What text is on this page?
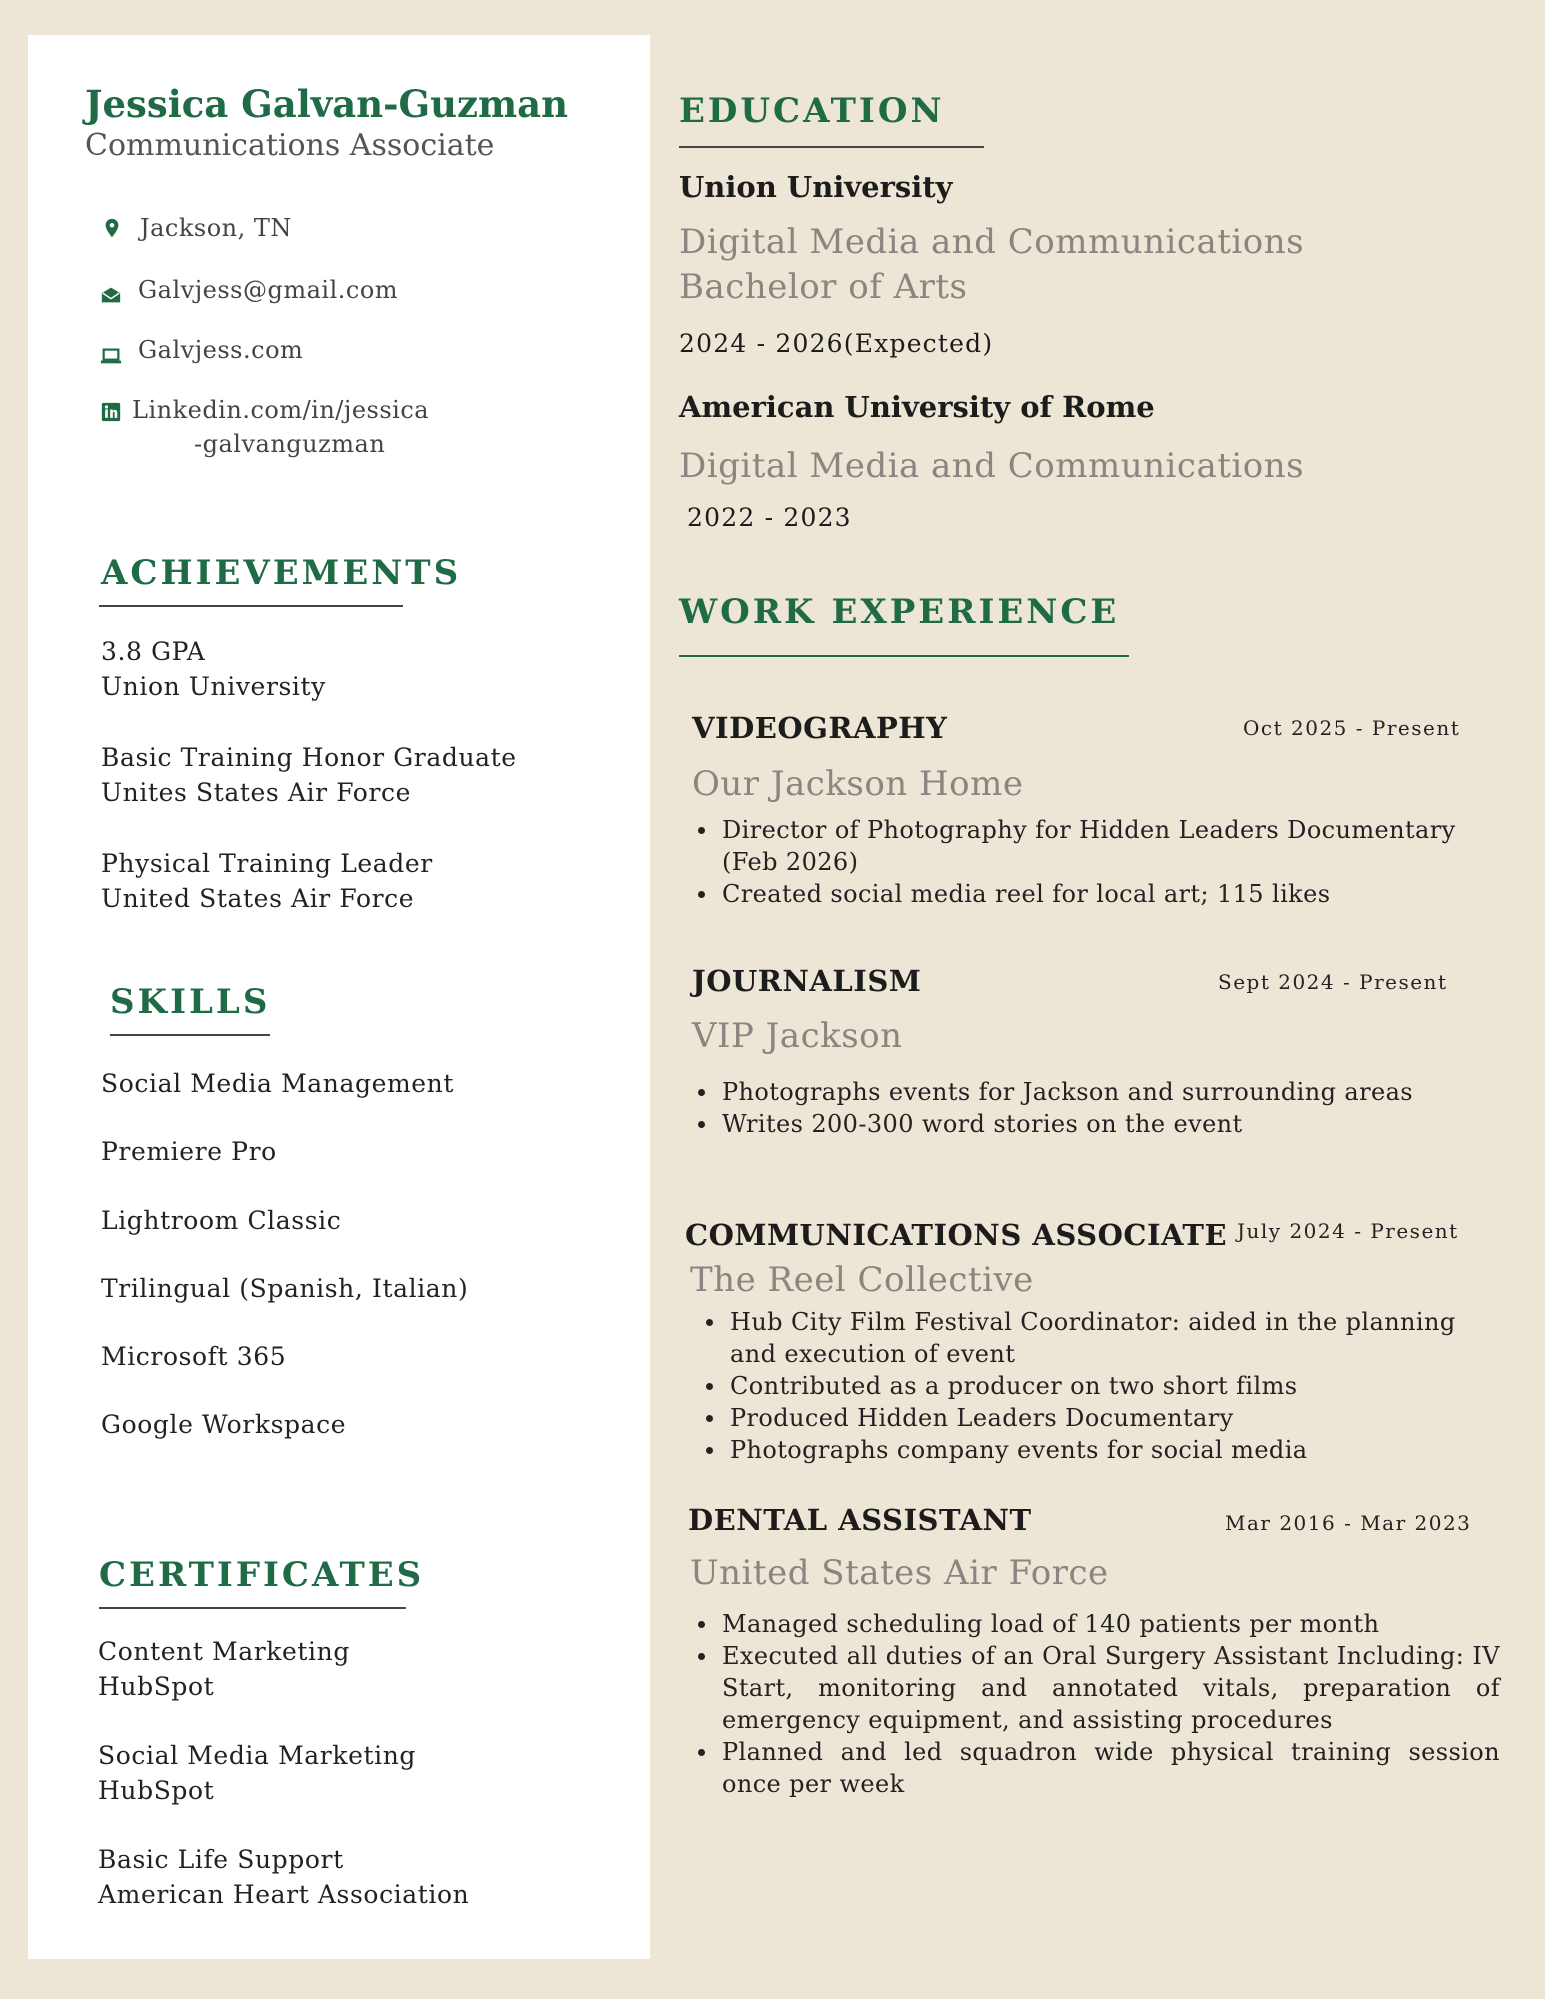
Jessica Galvan-Guzman
Communications Associate
Jackson, TN
Galvjess@gmail.com
Galvjess.com
Linkedin.com/in/jessica
-galvanguzman
ACHIEVEMENTS
3.8 GPA
Union University
Basic Training Honor Graduate
Unites States Air Force
Physical Training Leader
United States Air Force
SKILLS
Social Media Management
Premiere Pro
Lightroom Classic
Trilingual (Spanish, Italian)
Microsoft 365
Google Workspace
CERTIFICATES
Content Marketing
HubSpot
Social Media Marketing
HubSpot
Basic Life Support
American Heart Association
EDUCATION
Union University
Digital Media and Communications
Bachelor of Arts
2024 - 2026(Expected)
American University of Rome
Digital Media and Communications
2022 - 2023
WORK EXPERIENCE
VIDEOGRAPHY	Oct 2025 - Present
Our Jackson Home
Director of Photography for Hidden Leaders Documentary (Feb 2026)
Created social media reel for local art; 115 likes
JOURNALISM	Sept 2024 - Present
VIP Jackson
Photographs events for Jackson and surrounding areas
Writes 200-300 word stories on the event
COMMUNICATIONS ASSOCIATE July 2024 - Present
The Reel Collective
Hub City Film Festival Coordinator: aided in the planning and execution of event
Contributed as a producer on two short films
Produced Hidden Leaders Documentary
Photographs company events for social media
DENTAL ASSISTANT	Mar 2016 - Mar 2023
United States Air Force
Managed scheduling load of 140 patients per month
Executed all duties of an Oral Surgery Assistant Including: IV Start, monitoring and annotated vitals, preparation of emergency equipment, and assisting procedures
Planned and led squadron wide physical training session once per week
